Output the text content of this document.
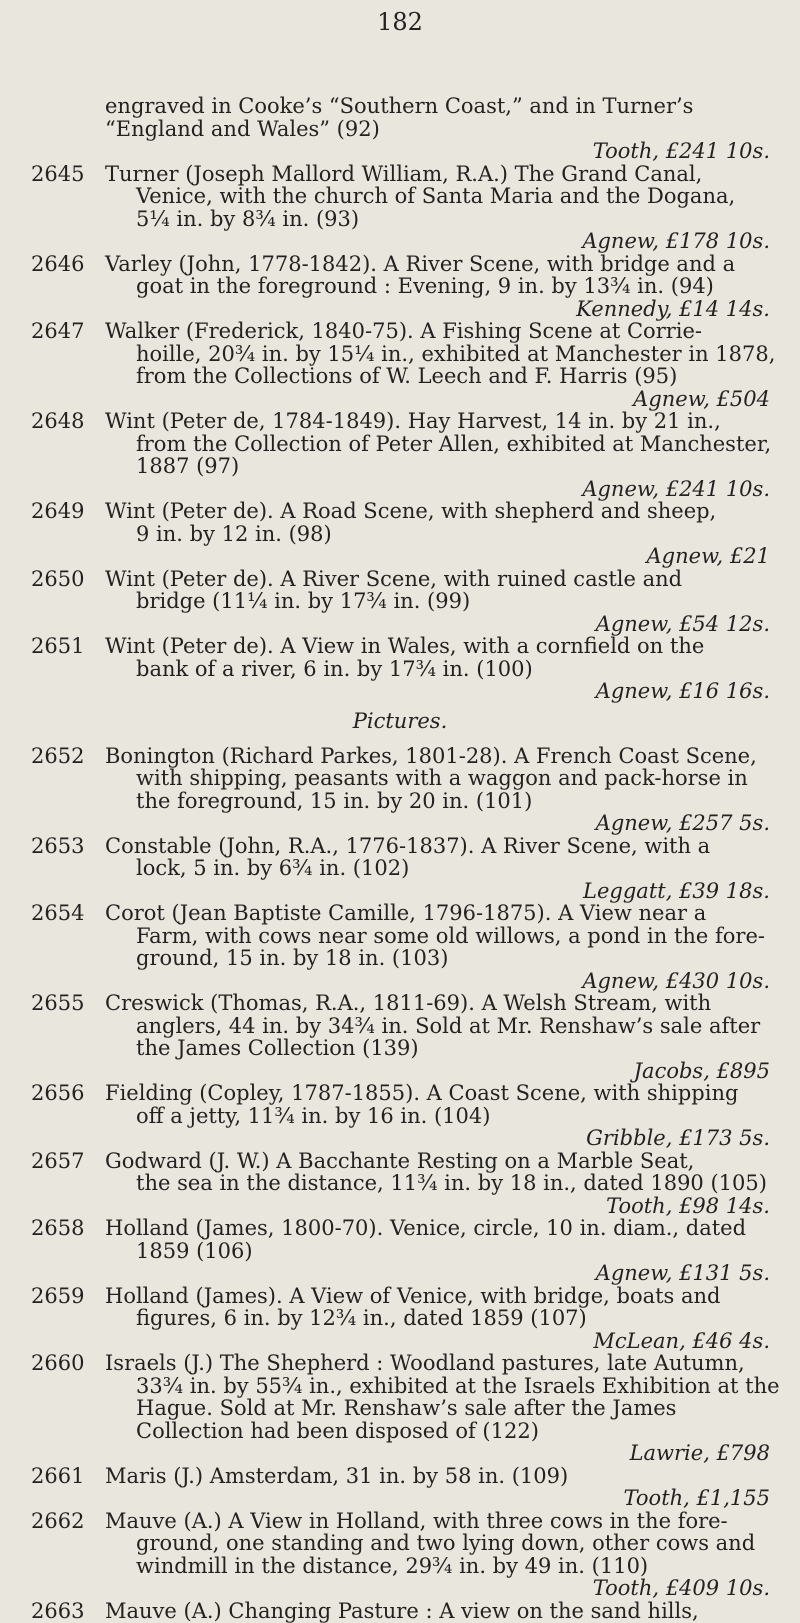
182
engraved in Cooke’s “Southern Coast,” and in Turner’s
“England and Wales” (92)
Tooth, £241 10s.
2645 Turner (Joseph Mallord William, R.A.) The Grand Canal,
Venice, with the church of Santa Maria and the Dogana,
5¼ in. by 8¾ in. (93)
Agnew, £178 10s.
2646 Varley (John, 1778-1842). A River Scene, with bridge and a
goat in the foreground : Evening, 9 in. by 13¾ in. (94)
Kennedy, £14 14s.
2647 Walker (Frederick, 1840-75). A Fishing Scene at Corrie-
hoille, 20¾ in. by 15¼ in., exhibited at Manchester in 1878,
from the Collections of W. Leech and F. Harris (95)
Agnew, £504
2648 Wint (Peter de, 1784-1849). Hay Harvest, 14 in. by 21 in.,
from the Collection of Peter Allen, exhibited at Manchester,
1887 (97)
Agnew, £241 10s.
2649 Wint (Peter de). A Road Scene, with shepherd and sheep,
9 in. by 12 in. (98)
Agnew, £21
2650 Wint (Peter de). A River Scene, with ruined castle and
bridge (11¼ in. by 17¾ in. (99)
Agnew, £54 12s.
2651 Wint (Peter de). A View in Wales, with a cornfield on the
bank of a river, 6 in. by 17¾ in. (100)
Agnew, £16 16s.
Pictures.
2652 Bonington (Richard Parkes, 1801-28). A French Coast Scene,
with shipping, peasants with a waggon and pack-horse in
the foreground, 15 in. by 20 in. (101)
Agnew, £257 5s.
2653 Constable (John, R.A., 1776-1837). A River Scene, with a
lock, 5 in. by 6¾ in. (102)
Leggatt, £39 18s.
2654 Corot (Jean Baptiste Camille, 1796-1875). A View near a
Farm, with cows near some old willows, a pond in the fore-
ground, 15 in. by 18 in. (103)
Agnew, £430 10s.
2655 Creswick (Thomas, R.A., 1811-69). A Welsh Stream, with
anglers, 44 in. by 34¾ in. Sold at Mr. Renshaw’s sale after
the James Collection (139)
Jacobs, £895
2656 Fielding (Copley, 1787-1855). A Coast Scene, with shipping
off a jetty, 11¾ in. by 16 in. (104)
Gribble, £173 5s.
2657 Godward (J. W.) A Bacchante Resting on a Marble Seat,
the sea in the distance, 11¾ in. by 18 in., dated 1890 (105)
Tooth, £98 14s.
2658 Holland (James, 1800-70). Venice, circle, 10 in. diam., dated
1859 (106)
Agnew, £131 5s.
2659 Holland (James). A View of Venice, with bridge, boats and
figures, 6 in. by 12¾ in., dated 1859 (107)
McLean, £46 4s.
2660 Israels (J.) The Shepherd : Woodland pastures, late Autumn,
33¾ in. by 55¾ in., exhibited at the Israels Exhibition at the
Hague. Sold at Mr. Renshaw’s sale after the James
Collection had been disposed of (122)
Lawrie, £798
2661 Maris (J.) Amsterdam, 31 in. by 58 in. (109)
Tooth, £1,155
2662 Mauve (A.) A View in Holland, with three cows in the fore-
ground, one standing and two lying down, other cows and
windmill in the distance, 29¾ in. by 49 in. (110)
Tooth, £409 10s.
2663 Mauve (A.) Changing Pasture : A view on the sand hills,
